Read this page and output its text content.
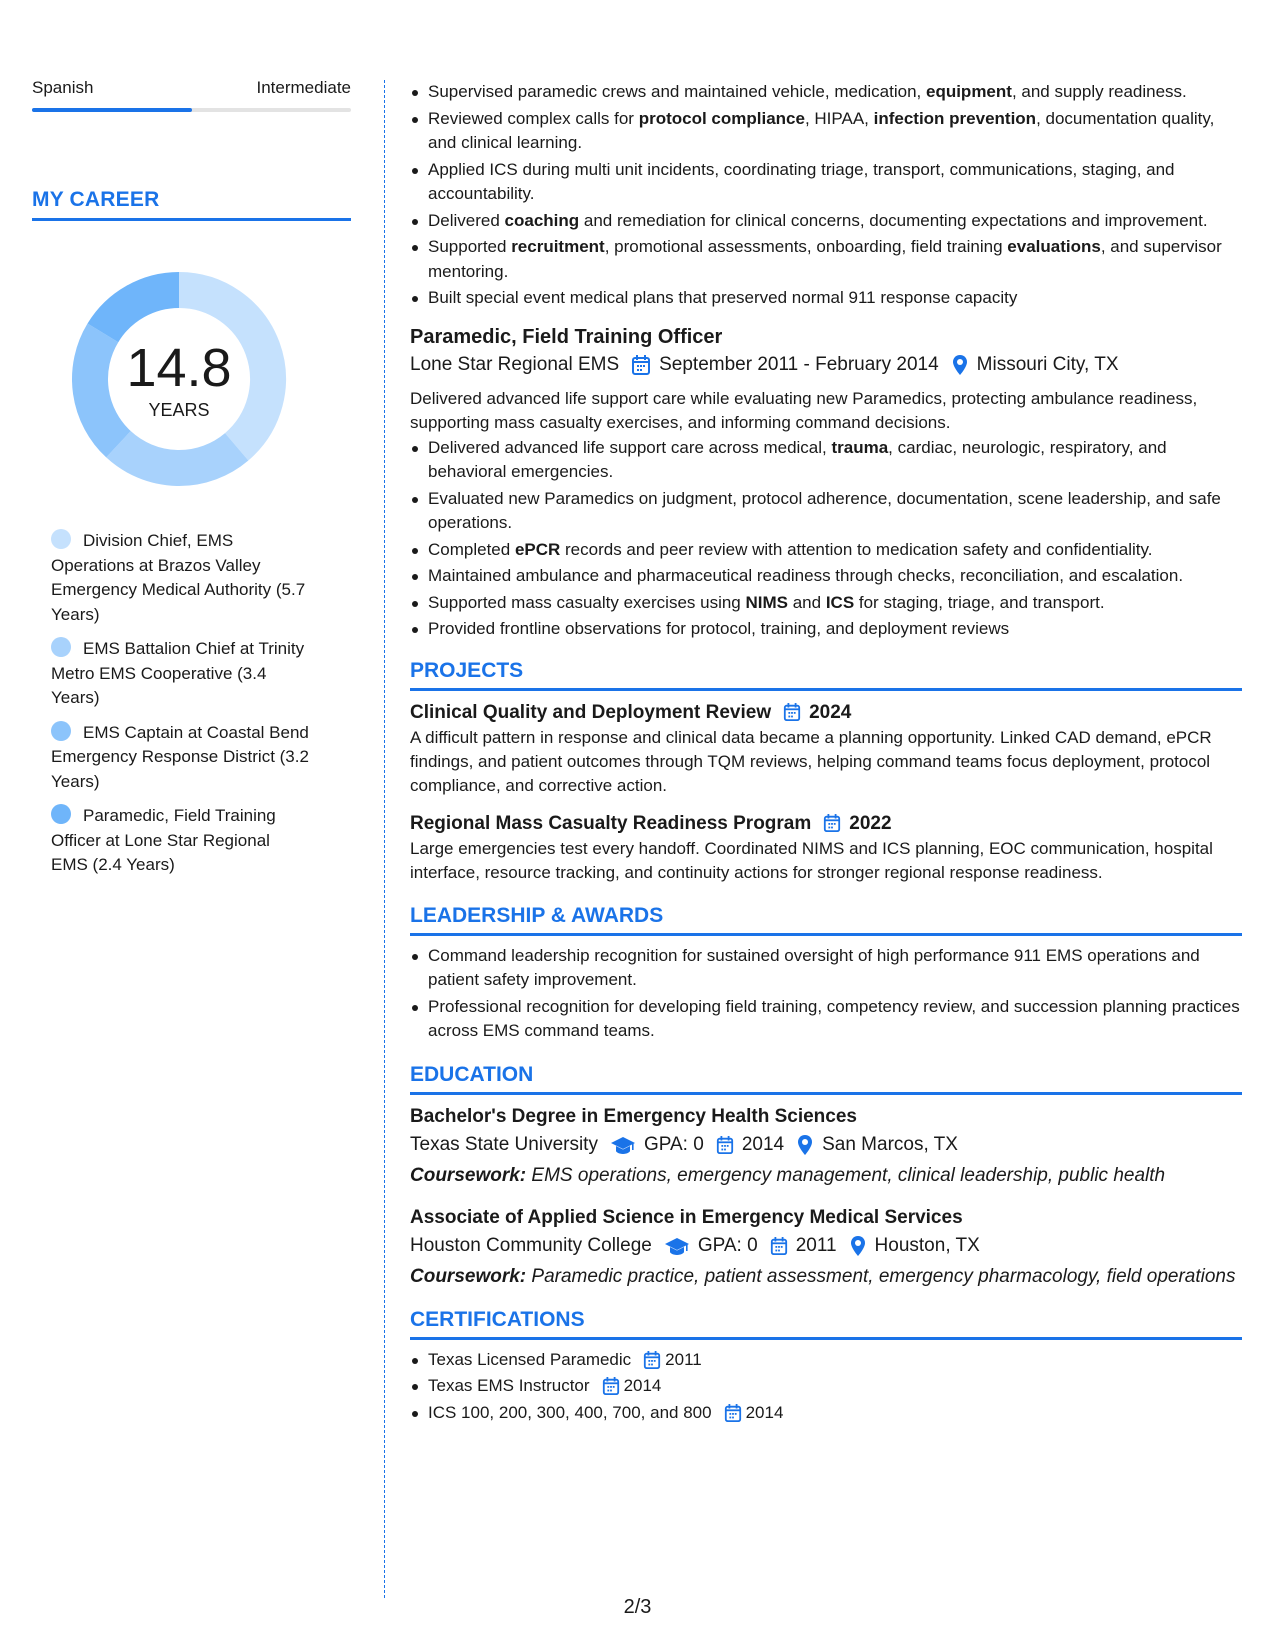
Spanish	Intermediate
MY CAREER
14.8
YEARS
Division Chief, EMS Operations at Brazos Valley Emergency Medical Authority (5.7 Years)
EMS Battalion Chief at Trinity Metro EMS Cooperative (3.4 Years)
EMS Captain at Coastal Bend Emergency Response District (3.2 Years)
Paramedic, Field Training Officer at Lone Star Regional EMS (2.4 Years)
Supervised paramedic crews and maintained vehicle, medication, equipment, and supply readiness.
Reviewed complex calls for protocol compliance, HIPAA, infection prevention, documentation quality, and clinical learning.
Applied ICS during multi unit incidents, coordinating triage, transport, communications, staging, and accountability.
Delivered coaching and remediation for clinical concerns, documenting expectations and improvement.
Supported recruitment, promotional assessments, onboarding, field training evaluations, and supervisor mentoring.
Built special event medical plans that preserved normal 911 response capacity
Paramedic, Field Training Officer
Lone Star Regional EMS September 2011 - February 2014 Missouri City, TX
Delivered advanced life support care while evaluating new Paramedics, protecting ambulance readiness, supporting mass casualty exercises, and informing command decisions.
Delivered advanced life support care across medical, trauma, cardiac, neurologic, respiratory, and behavioral emergencies.
Evaluated new Paramedics on judgment, protocol adherence, documentation, scene leadership, and safe operations.
Completed ePCR records and peer review with attention to medication safety and confidentiality.
Maintained ambulance and pharmaceutical readiness through checks, reconciliation, and escalation.
Supported mass casualty exercises using NIMS and ICS for staging, triage, and transport.
Provided frontline observations for protocol, training, and deployment reviews
PROJECTS
Clinical Quality and Deployment Review 2024
A difficult pattern in response and clinical data became a planning opportunity. Linked CAD demand, ePCR findings, and patient outcomes through TQM reviews, helping command teams focus deployment, protocol compliance, and corrective action.
Regional Mass Casualty Readiness Program 2022
Large emergencies test every handoff. Coordinated NIMS and ICS planning, EOC communication, hospital interface, resource tracking, and continuity actions for stronger regional response readiness.
LEADERSHIP & AWARDS
Command leadership recognition for sustained oversight of high performance 911 EMS operations and patient safety improvement.
Professional recognition for developing field training, competency review, and succession planning practices across EMS command teams.
EDUCATION
Bachelor's Degree in Emergency Health Sciences
Texas State University GPA: 0 2014 San Marcos, TX
Coursework: EMS operations, emergency management, clinical leadership, public health
Associate of Applied Science in Emergency Medical Services
Houston Community College GPA: 0 2011 Houston, TX
Coursework: Paramedic practice, patient assessment, emergency pharmacology, field operations
CERTIFICATIONS
Texas Licensed Paramedic 2011
Texas EMS Instructor 2014
ICS 100, 200, 300, 400, 700, and 800 2014
2/3
